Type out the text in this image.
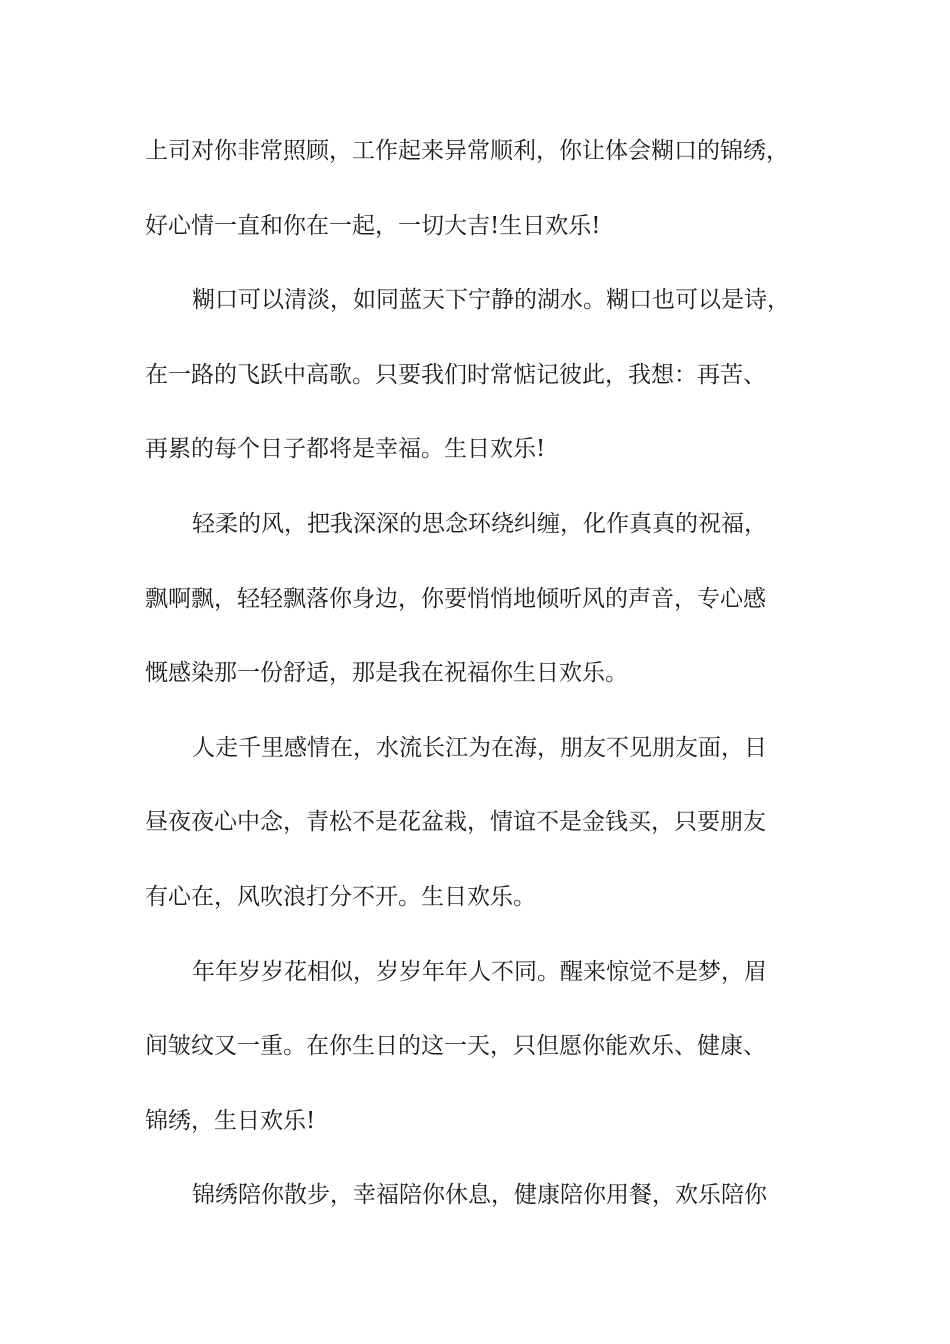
上司对你非常照顾，工作起来异常顺利，你让体会糊口的锦绣，
好心情一直和你在一起，一切大吉!生日欢乐!
糊口可以清淡，如同蓝天下宁静的湖水。糊口也可以是诗，
在一路的飞跃中高歌。只要我们时常惦记彼此，我想：再苦、
再累的每个日子都将是幸福。生日欢乐!
轻柔的风，把我深深的思念环绕纠缠，化作真真的祝福，
飘啊飘，轻轻飘落你身边，你要悄悄地倾听风的声音，专心感
慨感染那一份舒适，那是我在祝福你生日欢乐。
人走千里感情在，水流长江为在海，朋友不见朋友面，日
昼夜夜心中念，青松不是花盆栽，情谊不是金钱买，只要朋友
有心在，风吹浪打分不开。生日欢乐。
年年岁岁花相似，岁岁年年人不同。醒来惊觉不是梦，眉
间皱纹又一重。在你生日的这一天，只但愿你能欢乐、健康、
锦绣，生日欢乐!
锦绣陪你散步，幸福陪你休息，健康陪你用餐，欢乐陪你
